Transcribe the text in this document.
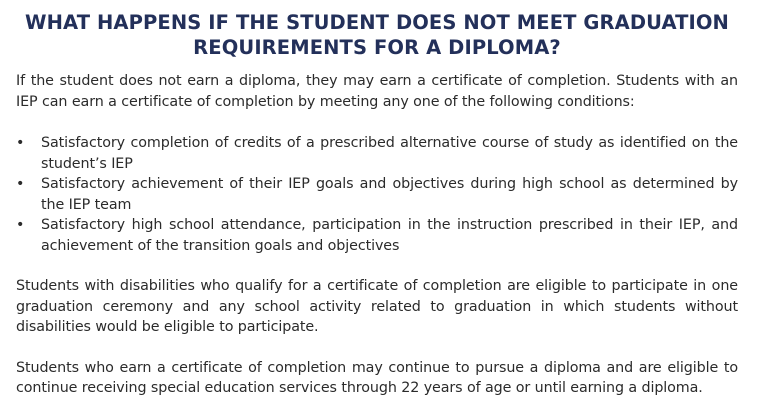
WHAT HAPPENS IF THE STUDENT DOES NOT MEET GRADUATION REQUIREMENTS FOR A DIPLOMA?

If the student does not earn a diploma, they may earn a certificate of completion. Students with an IEP can earn a certificate of completion by meeting any one of the following conditions:

• Satisfactory completion of credits of a prescribed alternative course of study as identified on the student’s IEP
• Satisfactory achievement of their IEP goals and objectives during high school as determined by the IEP team
• Satisfactory high school attendance, participation in the instruction prescribed in their IEP, and achievement of the transition goals and objectives

Students with disabilities who qualify for a certificate of completion are eligible to participate in one graduation ceremony and any school activity related to graduation in which students without disabilities would be eligible to participate.

Students who earn a certificate of completion may continue to pursue a diploma and are eligible to continue receiving special education services through 22 years of age or until earning a diploma.
